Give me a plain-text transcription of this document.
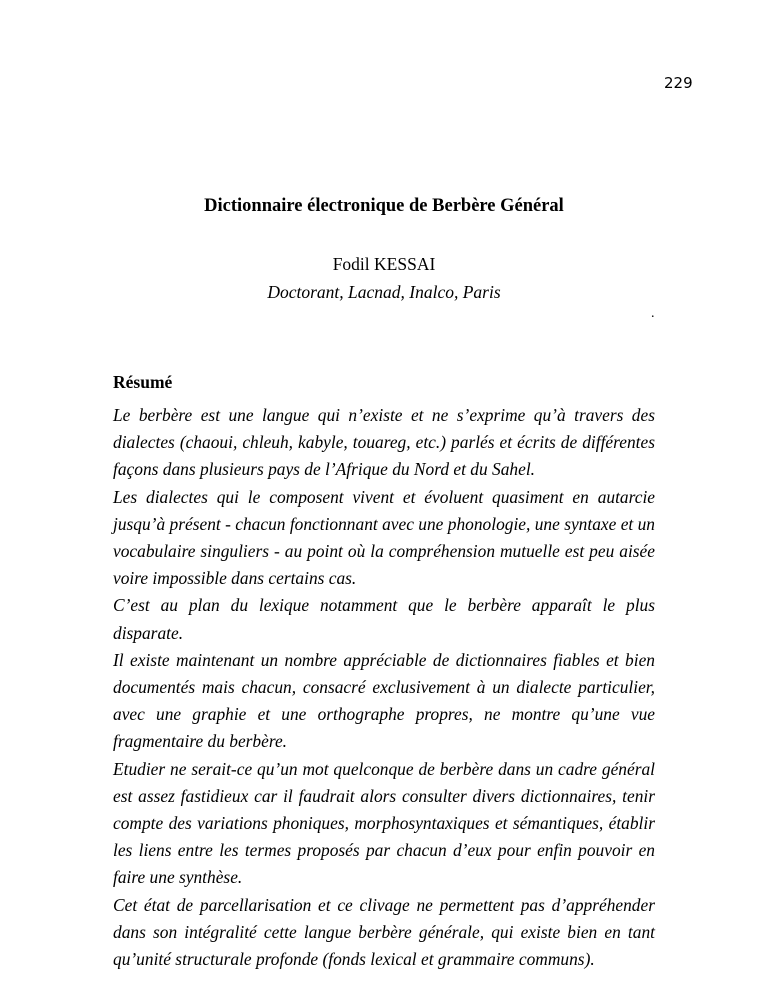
229
Dictionnaire électronique de Berbère Général
Fodil KESSAI
Doctorant, Lacnad, Inalco, Paris
.
Résumé

Le berbère est une langue qui n’existe et ne s’exprime qu’à travers des dialectes (chaoui, chleuh, kabyle, touareg, etc.) parlés et écrits de différentes façons dans plusieurs pays de l’Afrique du Nord et du Sahel.

Les dialectes qui le composent vivent et évoluent quasiment en autarcie jusqu’à présent - chacun fonctionnant avec une phonologie, une syntaxe et un vocabulaire singuliers - au point où la compréhension mutuelle est peu aisée voire impossible dans certains cas.

C’est au plan du lexique notamment que le berbère apparaît le plus disparate.

Il existe maintenant un nombre appréciable de dictionnaires fiables et bien documentés mais chacun, consacré exclusivement à un dialecte particulier, avec une graphie et une orthographe propres, ne montre qu’une vue fragmentaire du berbère.

Etudier ne serait-ce qu’un mot quelconque de berbère dans un cadre général est assez fastidieux car il faudrait alors consulter divers dictionnaires, tenir compte des variations phoniques, morphosyntaxiques et sémantiques, établir les liens entre les termes proposés par chacun d’eux pour enfin pouvoir en faire une synthèse.

Cet état de parcellarisation et ce clivage ne permettent pas d’appréhender dans son intégralité cette langue berbère générale, qui existe bien en tant qu’unité structurale profonde (fonds lexical et grammaire communs).
